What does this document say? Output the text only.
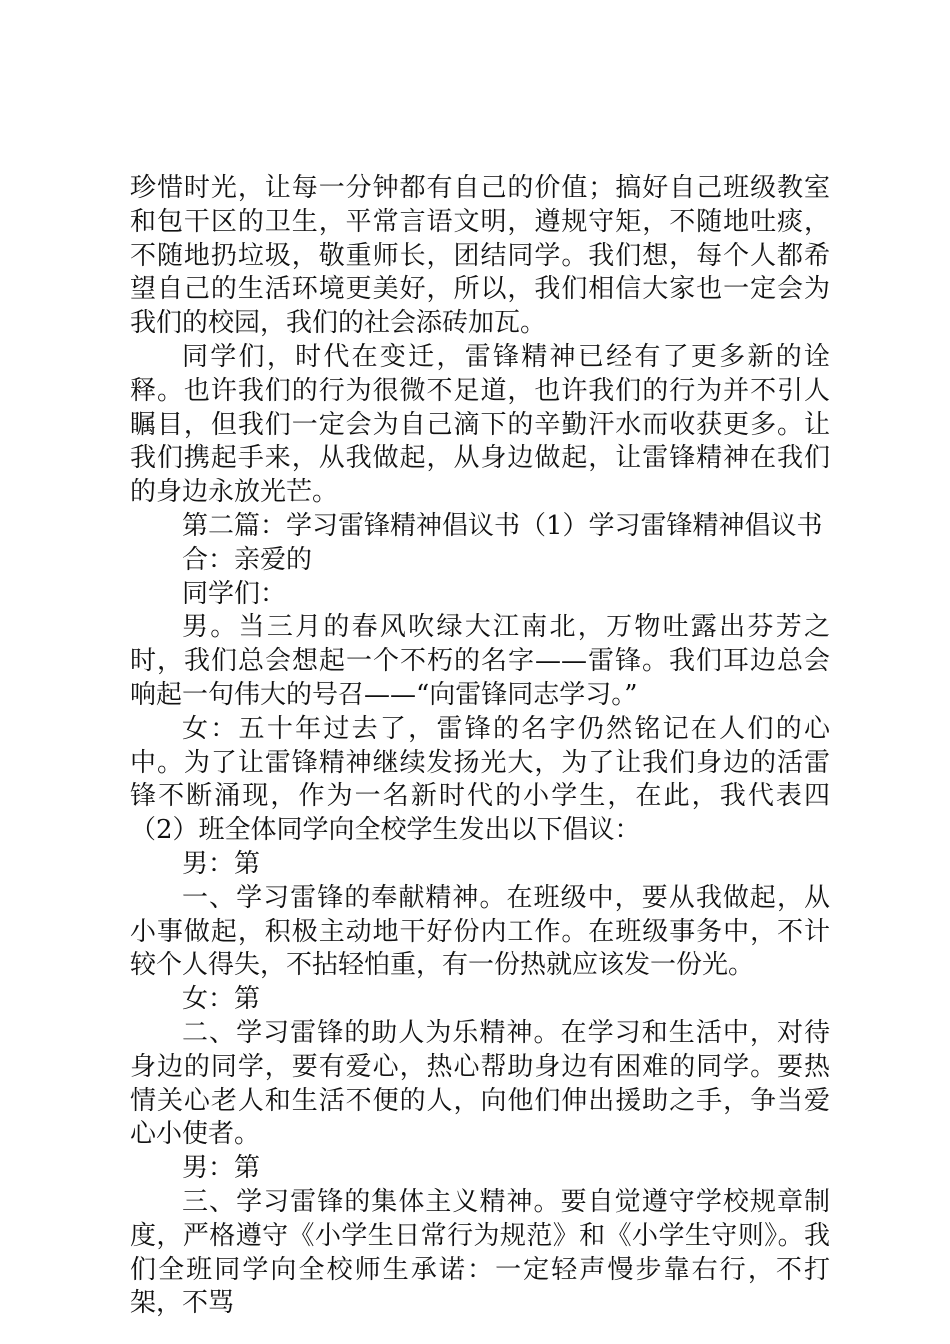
珍惜时光，让每一分钟都有自己的价值；搞好自己班级教室和包干区的卫生，平常言语文明，遵规守矩，不随地吐痰，不随地扔垃圾，敬重师长，团结同学。我们想，每个人都希望自己的生活环境更美好，所以，我们相信大家也一定会为我们的校园，我们的社会添砖加瓦。

同学们，时代在变迁，雷锋精神已经有了更多新的诠释。也许我们的行为很微不足道，也许我们的行为并不引人瞩目，但我们一定会为自己滴下的辛勤汗水而收获更多。让我们携起手来，从我做起，从身边做起，让雷锋精神在我们的身边永放光芒。

第二篇：学习雷锋精神倡议书（1）学习雷锋精神倡议书

合：亲爱的

同学们：

男。当三月的春风吹绿大江南北，万物吐露出芬芳之时，我们总会想起一个不朽的名字——雷锋。我们耳边总会响起一句伟大的号召——“向雷锋同志学习。”

女：五十年过去了，雷锋的名字仍然铭记在人们的心中。为了让雷锋精神继续发扬光大，为了让我们身边的活雷锋不断涌现，作为一名新时代的小学生，在此，我代表四（2）班全体同学向全校学生发出以下倡议：

男：第

一、学习雷锋的奉献精神。在班级中，要从我做起，从小事做起，积极主动地干好份内工作。在班级事务中，不计较个人得失，不拈轻怕重，有一份热就应该发一份光。

女：第

二、学习雷锋的助人为乐精神。在学习和生活中，对待身边的同学，要有爱心，热心帮助身边有困难的同学。要热情关心老人和生活不便的人，向他们伸出援助之手，争当爱心小使者。

男：第

三、学习雷锋的集体主义精神。要自觉遵守学校规章制度，严格遵守《小学生日常行为规范》和《小学生守则》。我们全班同学向全校师生承诺：一定轻声慢步靠右行，不打架，不骂
